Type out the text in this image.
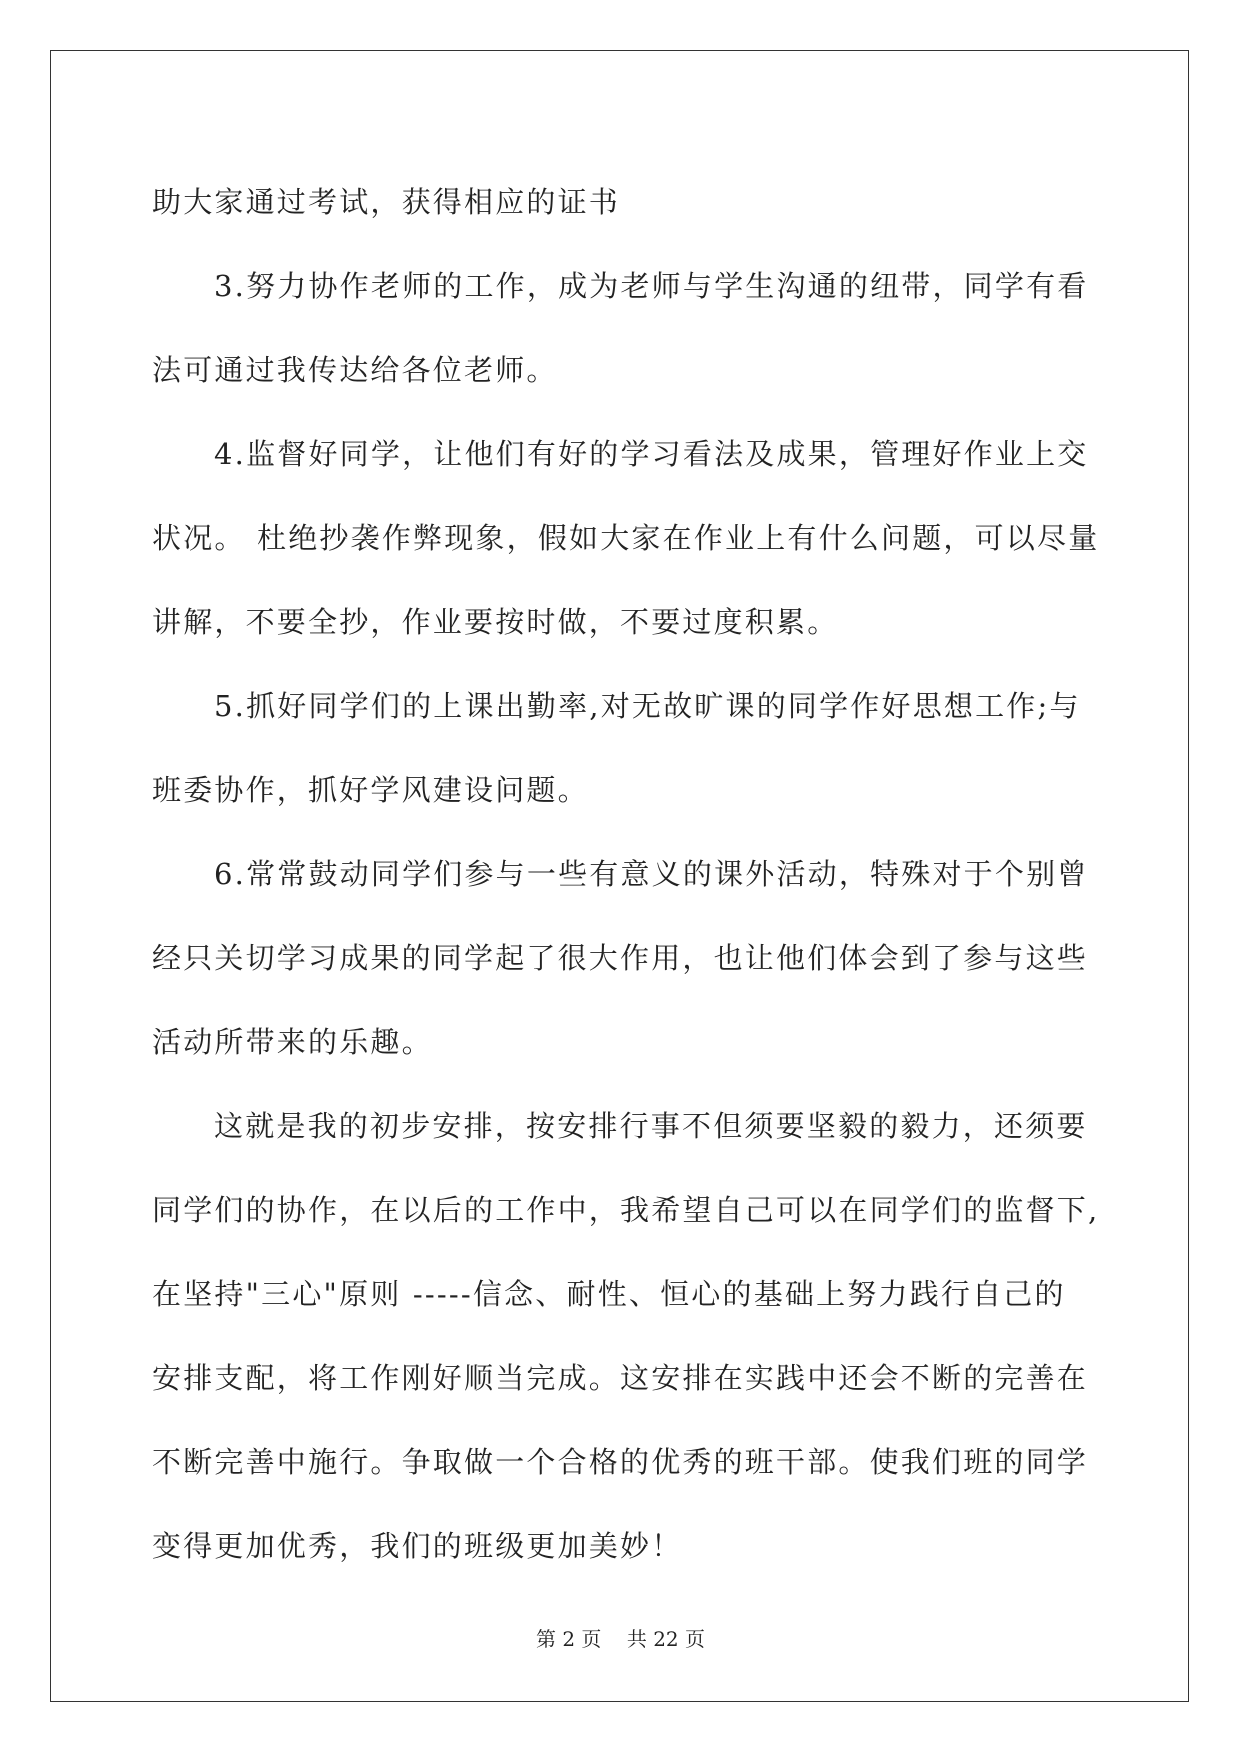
助大家通过考试，获得相应的证书
3.努力协作老师的工作，成为老师与学生沟通的纽带，同学有看
法可通过我传达给各位老师。
4.监督好同学，让他们有好的学习看法及成果，管理好作业上交
状况。 杜绝抄袭作弊现象，假如大家在作业上有什么问题，可以尽量
讲解，不要全抄，作业要按时做，不要过度积累。
5.抓好同学们的上课出勤率,对无故旷课的同学作好思想工作;与
班委协作，抓好学风建设问题。
6.常常鼓动同学们参与一些有意义的课外活动，特殊对于个别曾
经只关切学习成果的同学起了很大作用，也让他们体会到了参与这些
活动所带来的乐趣。
这就是我的初步安排，按安排行事不但须要坚毅的毅力，还须要
同学们的协作，在以后的工作中，我希望自己可以在同学们的监督下,
在坚持"三心"原则 -----信念、耐性、恒心的基础上努力践行自己的
安排支配，将工作刚好顺当完成。这安排在实践中还会不断的完善在
不断完善中施行。争取做一个合格的优秀的班干部。使我们班的同学
变得更加优秀，我们的班级更加美妙！
第 2 页    共 22 页
